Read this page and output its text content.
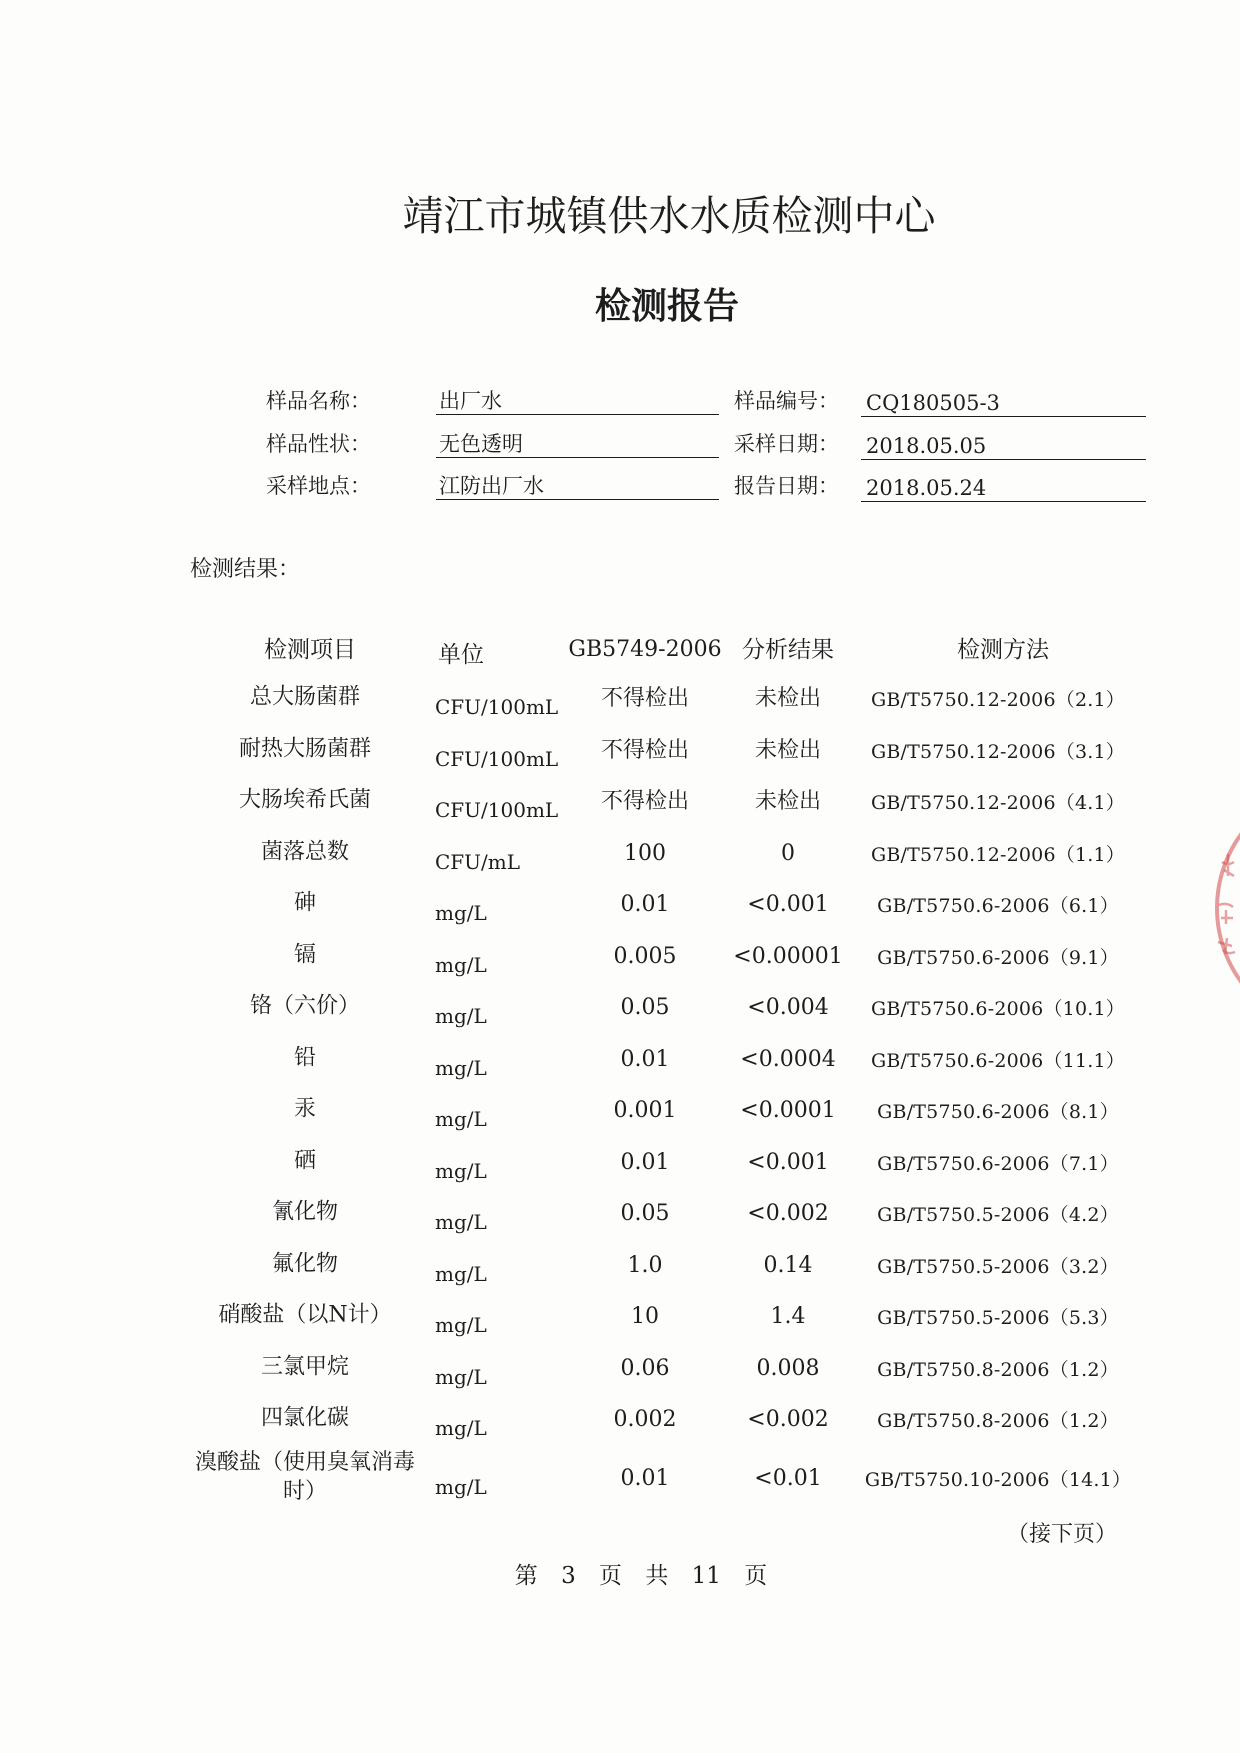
靖江市城镇供水水质检测中心
检测报告
样品名称：	出厂水	样品编号： CQ180505-3
样品性状：	无色透明	采样日期： 2018.05.05
采样地点：	江防出厂水	报告日期： 2018.05.24
检测结果：
检测项目	单位	GB5749-2006 分析结果	检测方法
总大肠菌群	CFU/100mL	不得检出	未检出	GB/T5750.12-2006（2.1）
耐热大肠菌群	CFU/100mL	不得检出	未检出	GB/T5750.12-2006（3.1）
大肠埃希氏菌	CFU/100mL	不得检出	未检出	GB/T5750.12-2006（4.1）
菌落总数	CFU/mL	100	0	GB/T5750.12-2006（1.1）
砷	mg/L	0.01	<0.001	GB/T5750.6-2006（6.1）
镉	mg/L	0.005	<0.00001	GB/T5750.6-2006（9.1）
铬（六价）	mg/L	0.05	<0.004	GB/T5750.6-2006（10.1）
铅	mg/L	0.01	<0.0004	GB/T5750.6-2006（11.1）
汞	mg/L	0.001	<0.0001	GB/T5750.6-2006（8.1）
硒	mg/L	0.01	<0.001	GB/T5750.6-2006（7.1）
氰化物	mg/L	0.05	<0.002	GB/T5750.5-2006（4.2）
氟化物	mg/L	1.0	0.14	GB/T5750.5-2006（3.2）
硝酸盐（以N计）	mg/L	10	1.4	GB/T5750.5-2006（5.3）
三氯甲烷	mg/L	0.06	0.008	GB/T5750.8-2006（1.2）
四氯化碳	mg/L	0.002	<0.002	GB/T5750.8-2006（1.2）
溴酸盐（使用臭氧消毒时）	mg/L	0.01	<0.01	GB/T5750.10-2006（14.1）
（接下页）
第 3 页 共 11 页
